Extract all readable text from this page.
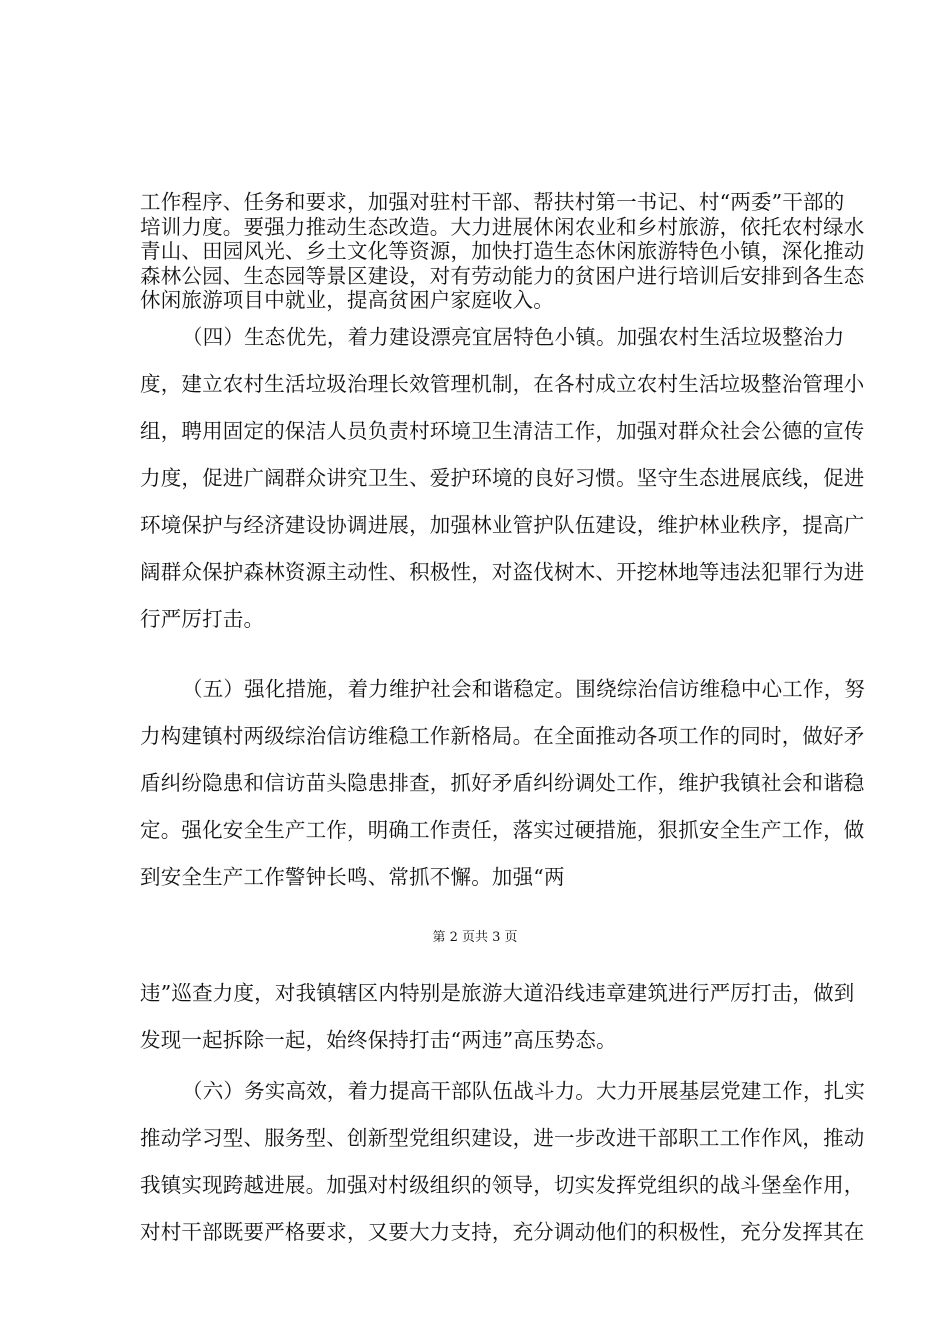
工作程序、任务和要求，加强对驻村干部、帮扶村第一书记、村“两委”干部的
培训力度。要强力推动生态改造。大力进展休闲农业和乡村旅游，依托农村绿水
青山、田园风光、乡土文化等资源，加快打造生态休闲旅游特色小镇，深化推动
森林公园、生态园等景区建设，对有劳动能力的贫困户进行培训后安排到各生态
休闲旅游项目中就业，提高贫困户家庭收入。
（四）生态优先，着力建设漂亮宜居特色小镇。加强农村生活垃圾整治力
度，建立农村生活垃圾治理长效管理机制，在各村成立农村生活垃圾整治管理小
组，聘用固定的保洁人员负责村环境卫生清洁工作，加强对群众社会公德的宣传
力度，促进广阔群众讲究卫生、爱护环境的良好习惯。坚守生态进展底线，促进
环境保护与经济建设协调进展，加强林业管护队伍建设，维护林业秩序，提高广
阔群众保护森林资源主动性、积极性，对盗伐树木、开挖林地等违法犯罪行为进
行严厉打击。
（五）强化措施，着力维护社会和谐稳定。围绕综治信访维稳中心工作，努
力构建镇村两级综治信访维稳工作新格局。在全面推动各项工作的同时，做好矛
盾纠纷隐患和信访苗头隐患排查，抓好矛盾纠纷调处工作，维护我镇社会和谐稳
定。强化安全生产工作，明确工作责任，落实过硬措施，狠抓安全生产工作，做
到安全生产工作警钟长鸣、常抓不懈。加强“两
第 2 页共 3 页
违”巡查力度，对我镇辖区内特别是旅游大道沿线违章建筑进行严厉打击，做到
发现一起拆除一起，始终保持打击“两违”高压势态。
（六）务实高效，着力提高干部队伍战斗力。大力开展基层党建工作，扎实
推动学习型、服务型、创新型党组织建设，进一步改进干部职工工作作风，推动
我镇实现跨越进展。加强对村级组织的领导，切实发挥党组织的战斗堡垒作用，
对村干部既要严格要求，又要大力支持，充分调动他们的积极性，充分发挥其在
